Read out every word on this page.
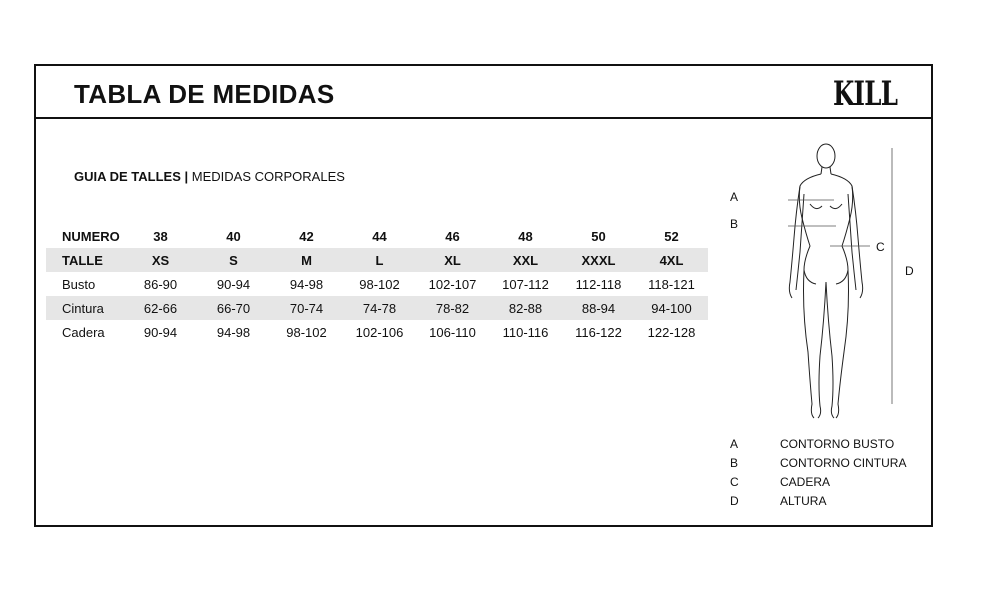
TABLA DE MEDIDAS	KILL
GUIA DE TALLES | MEDIDAS CORPORALES
NUMERO	38	40	42	44	46	48	50	52
TALLE	XS	S	M	L	XL	XXL	XXXL	4XL
Busto	86-90	90-94	94-98	98-102	102-107	107-112	112-118	118-121
Cintura	62-66	66-70	70-74	74-78	78-82	82-88	88-94	94-100
Cadera	90-94	94-98	98-102	102-106	106-110	110-116	116-122	122-128
A
B
C
D
A	CONTORNO BUSTO
B	CONTORNO CINTURA
C	CADERA
D	ALTURA
